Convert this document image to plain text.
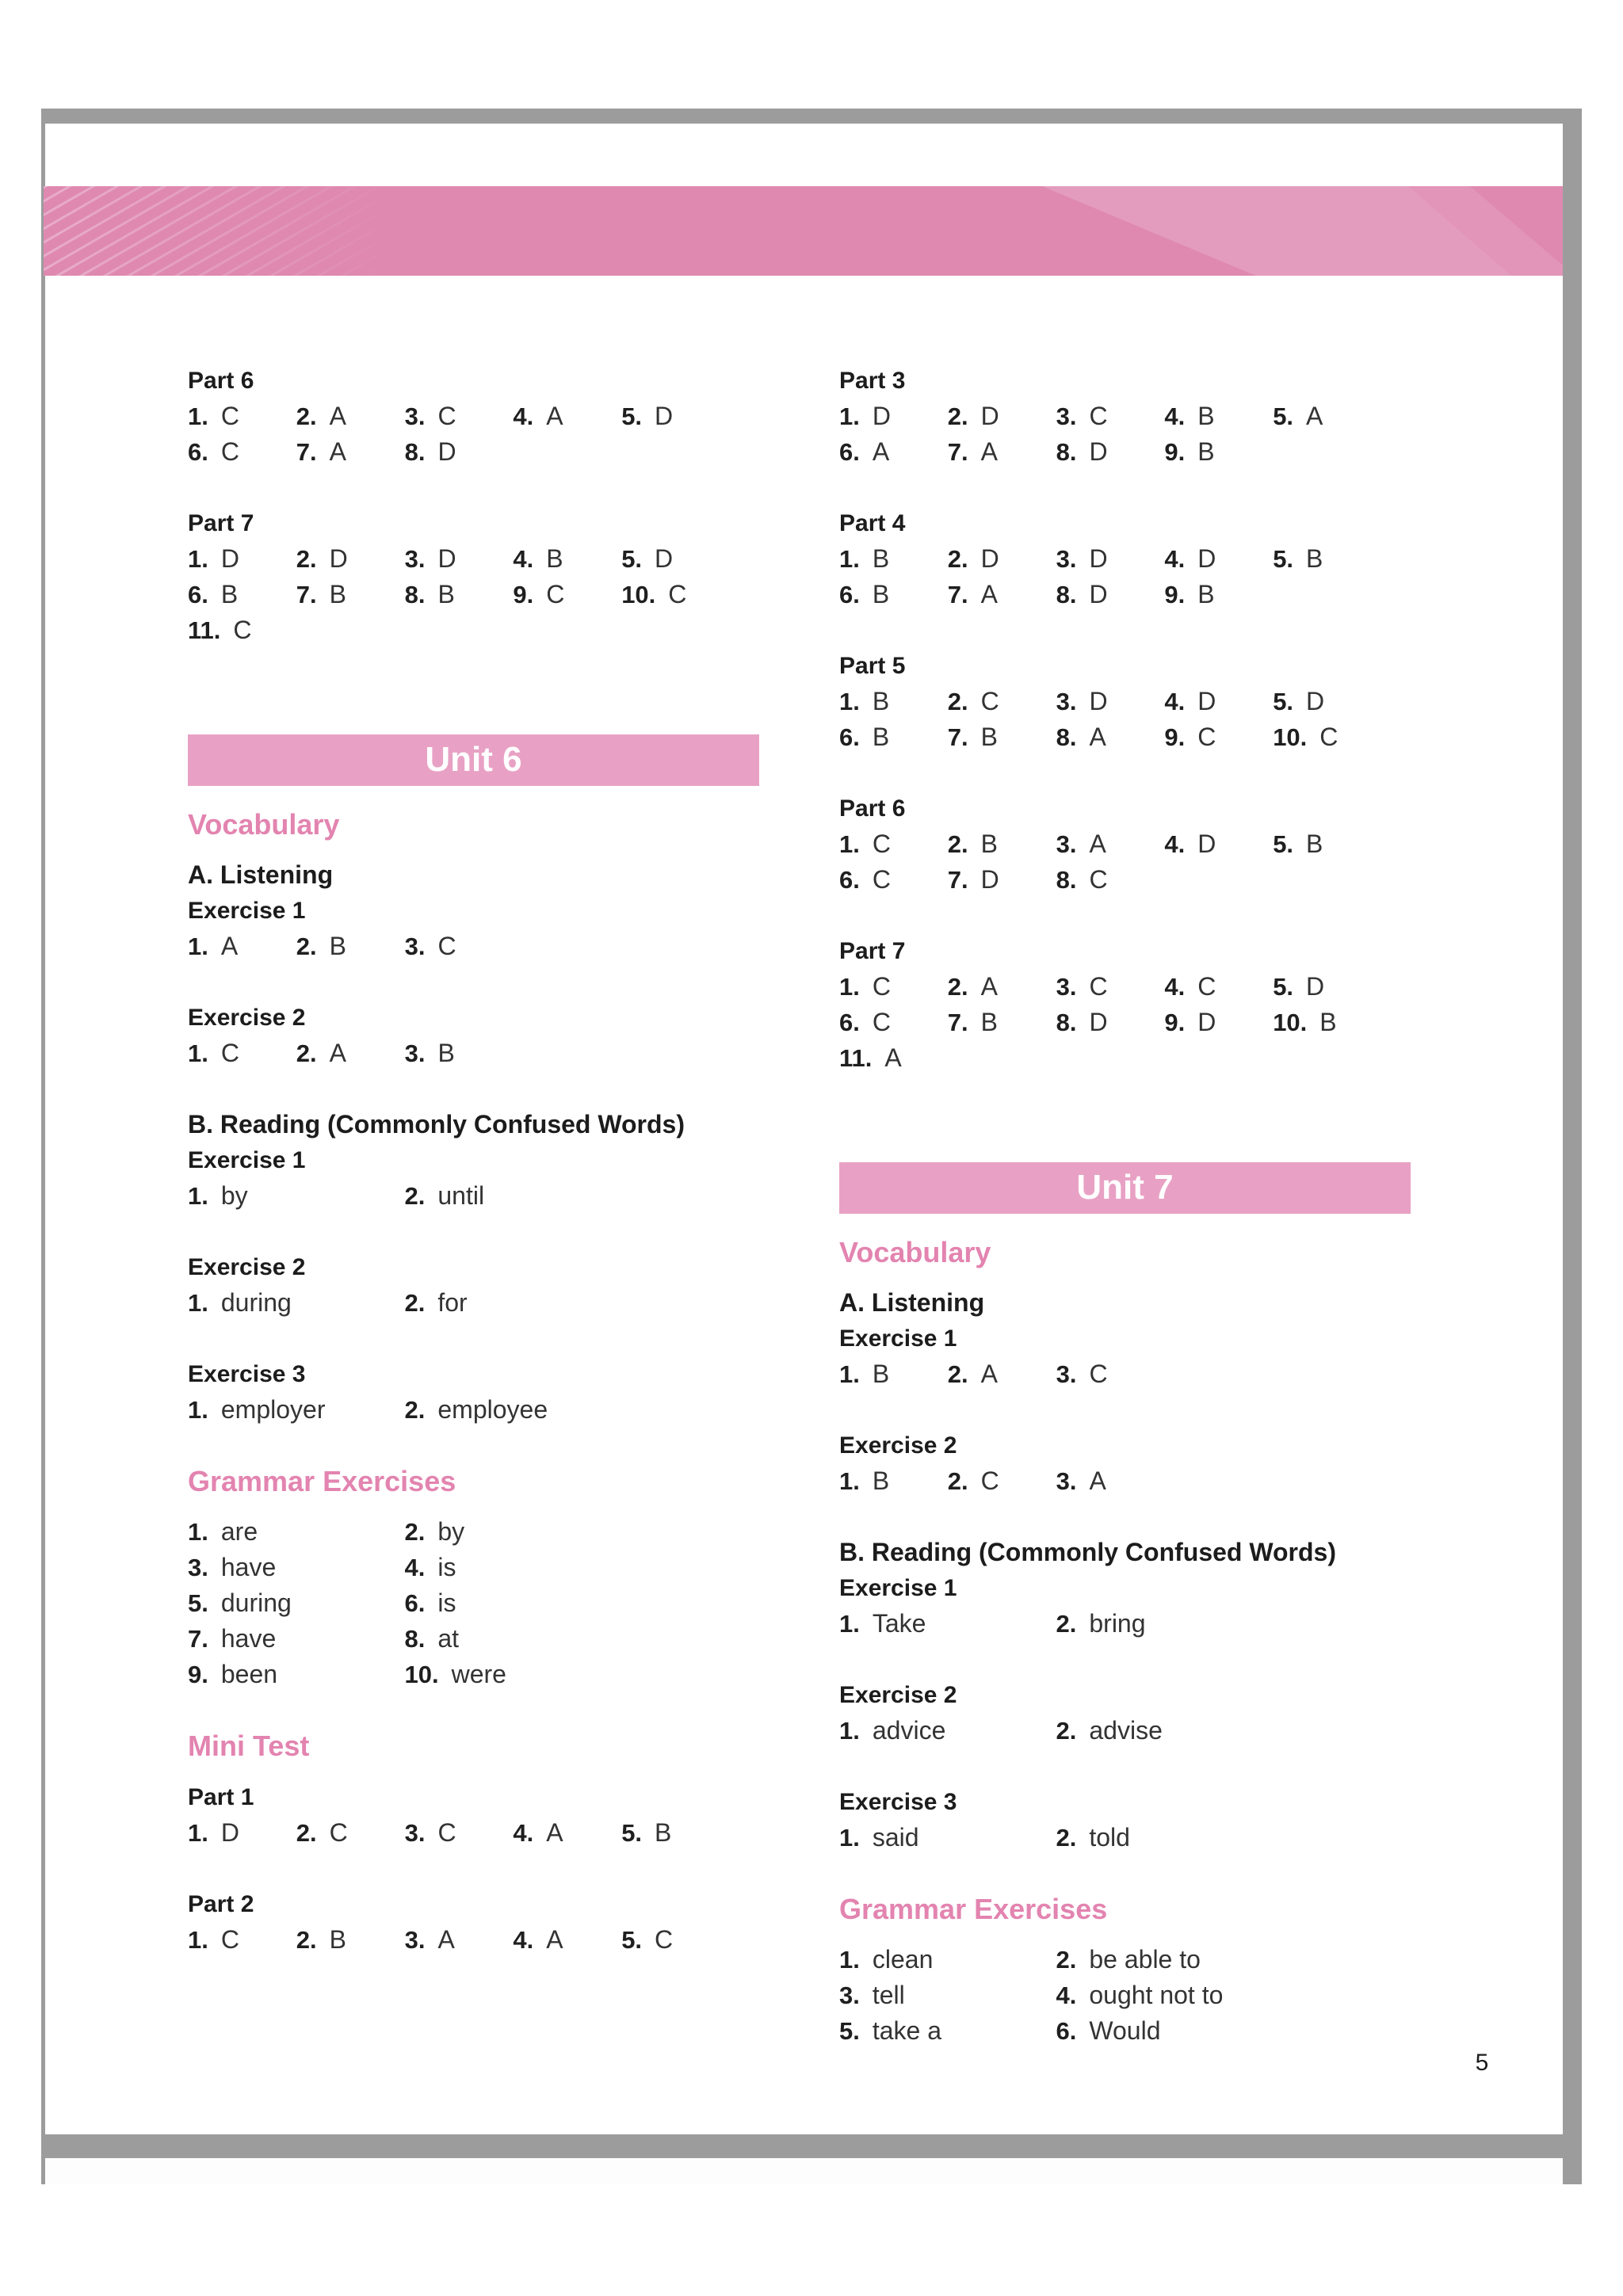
Part 6
1. C	2. A	3. C	4. A	5. D
6. C	7. A	8. D
Part 7
1. D	2. D	3. D	4. B	5. D
6. B	7. B	8. B	9. C	10. C
11. C
Unit 6
Vocabulary
A. Listening
Exercise 1
1. A	2. B	3. C
Exercise 2
1. C	2. A	3. B
B. Reading (Commonly Confused Words)
Exercise 1
1. by	2. until
Exercise 2
1. during	2. for
Exercise 3
1. employer	2. employee
Grammar Exercises
1. are	2. by
3. have	4. is
5. during	6. is
7. have	8. at
9. been	10. were
Mini Test
Part 1
1. D	2. C	3. C	4. A	5. B
Part 2
1. C	2. B	3. A	4. A	5. C
Part 3
1. D	2. D	3. C	4. B	5. A
6. A	7. A	8. D	9. B
Part 4
1. B	2. D	3. D	4. D	5. B
6. B	7. A	8. D	9. B
Part 5
1. B	2. C	3. D	4. D	5. D
6. B	7. B	8. A	9. C	10. C
Part 6
1. C	2. B	3. A	4. D	5. B
6. C	7. D	8. C
Part 7
1. C	2. A	3. C	4. C	5. D
6. C	7. B	8. D	9. D	10. B
11. A
Unit 7
Vocabulary
A. Listening
Exercise 1
1. B	2. A	3. C
Exercise 2
1. B	2. C	3. A
B. Reading (Commonly Confused Words)
Exercise 1
1. Take	2. bring
Exercise 2
1. advice	2. advise
Exercise 3
1. said	2. told
Grammar Exercises
1. clean	2. be able to
3. tell	4. ought not to
5. take a	6. Would
5
